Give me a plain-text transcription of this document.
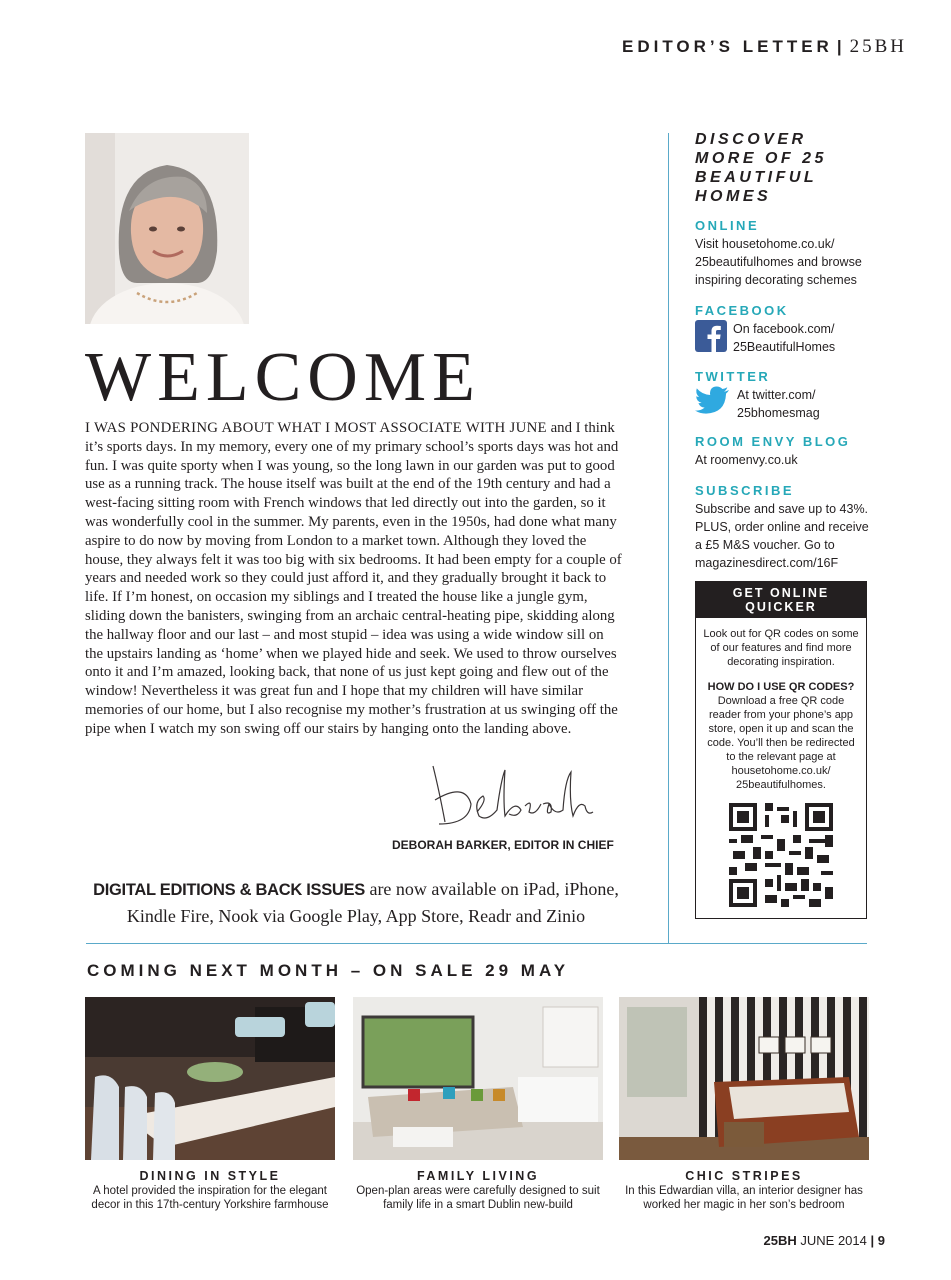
EDITOR’S LETTER | 25BH
WELCOME

I WAS PONDERING ABOUT WHAT I MOST ASSOCIATE WITH JUNE and I think it’s sports days. In my memory, every one of my primary school’s sports days was hot and fun. I was quite sporty when I was young, so the long lawn in our garden was put to good use as a running track. The house itself was built at the end of the 19th century and had a west-facing sitting room with French windows that led directly out into the garden, so it was wonderfully cool in the summer. My parents, even in the 1950s, had done what many aspire to do now by moving from London to a market town. Although they loved the house, they always felt it was too big with six bedrooms. It had been empty for a couple of years and needed work so they could just afford it, and they gradually brought it back to life. If I’m honest, on occasion my siblings and I treated the house like a jungle gym, sliding down the banisters, swinging from an archaic central-heating pipe, skidding along the hallway floor and our last – and most stupid – idea was using a wide window sill on the upstairs landing as ‘home’ when we played hide and seek. We used to throw ourselves onto it and I’m amazed, looking back, that none of us just kept going and flew out of the window! Nevertheless it was great fun and I hope that my children will have similar memories of our home, but I also recognise my mother’s frustration at us swinging off the pipe when I watch my son swing off our stairs by hanging onto the landing above.

DEBORAH BARKER, EDITOR IN CHIEF
DIGITAL EDITIONS & BACK ISSUES are now available on iPad, iPhone, Kindle Fire, Nook via Google Play, App Store, Readr and Zinio
DISCOVER MORE OF 25 BEAUTIFUL HOMES
ONLINE

Visit housetohome.co.uk/ 25beautifulhomes and browse inspiring decorating schemes

FACEBOOK

On facebook.com/ 25BeautifulHomes

TWITTER

At twitter.com/ 25bhomesmag

ROOM ENVY BLOG

At roomenvy.co.uk

SUBSCRIBE

Subscribe and save up to 43%. PLUS, order online and receive a £5 M&S voucher. Go to magazinesdirect.com/16F

GET ONLINE QUICKER

Look out for QR codes on some of our features and find more decorating inspiration.

HOW DO I USE QR CODES?

Download a free QR code reader from your phone’s app store, open it up and scan the code. You’ll then be redirected to the relevant page at housetohome.co.uk/ 25beautifulhomes.

COMING NEXT MONTH – ON SALE 29 MAY
DINING IN STYLE

A hotel provided the inspiration for the elegant decor in this 17th-century Yorkshire farmhouse

FAMILY LIVING

Open-plan areas were carefully designed to suit family life in a smart Dublin new-build

CHIC STRIPES

In this Edwardian villa, an interior designer has worked her magic in her son’s bedroom

25BH JUNE 2014 | 9
